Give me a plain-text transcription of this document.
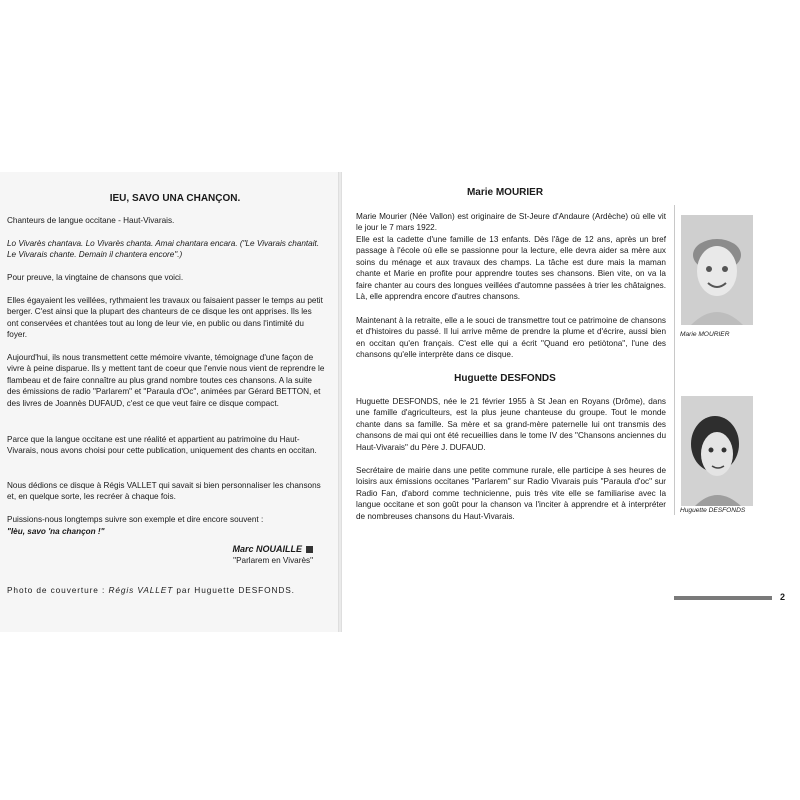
IEU, SAVO UNA CHANÇON.

Chanteurs de langue occitane - Haut-Vivarais.

Lo Vivarès chantava. Lo Vivarès chanta. Amai chantara encara. ("Le Vivarais chantait. Le Vivarais chante. Demain il chantera encore".)

Pour preuve, la vingtaine de chansons que voici.

Elles égayaient les veillées, rythmaient les travaux ou faisaient passer le temps au petit berger. C'est ainsi que la plupart des chanteurs de ce disque les ont apprises. Ils les ont conservées et chantées tout au long de leur vie, en public ou dans l'intimité du foyer.

Aujourd'hui, ils nous transmettent cette mémoire vivante, témoignage d'une façon de vivre à peine disparue. Ils y mettent tant de coeur que l'envie nous vient de reprendre le flambeau et de faire connaître au plus grand nombre toutes ces chansons. A la suite des émissions de radio "Parlarem" et "Paraula d'Oc", animées par Gérard BETTON, et des livres de Joannès DUFAUD, c'est ce que veut faire ce disque compact.

Parce que la langue occitane est une réalité et appartient au patrimoine du Haut-Vivarais, nous avons choisi pour cette publication, uniquement des chants en occitan.

Nous dédions ce disque à Régis VALLET qui savait si bien personnaliser les chansons et, en quelque sorte, les recréer à chaque fois.

Puissions-nous longtemps suivre son exemple et dire encore souvent :

"Ièu, savo 'na chançon !"

Marc NOUAILLE
"Parlarem en Vivarès"
Photo de couverture : Régis VALLET par Huguette DESFONDS.
Marie MOURIER

Marie Mourier (Née Vallon) est originaire de St-Jeure d'Andaure (Ardèche) où elle vit le jour le 7 mars 1922.

Elle est la cadette d'une famille de 13 enfants. Dès l'âge de 12 ans, après un bref passage à l'école où elle se passionne pour la lecture, elle devra aider sa mère aux soins du ménage et aux travaux des champs. La tâche est dure mais la maman chante et Marie en profite pour apprendre toutes ses chansons. Bien vite, on va la faire chanter au cours des longues veillées d'automne passées à trier les châtaignes. Là, elle apprendra encore d'autres chansons.

Maintenant à la retraite, elle a le souci de transmettre tout ce patrimoine de chansons et d'histoires du passé. Il lui arrive même de prendre la plume et d'écrire, aussi bien en occitan qu'en français. C'est elle qui a écrit "Quand ero petiòtona", l'une des chansons qu'elle interprète dans ce disque.

Huguette DESFONDS

Huguette DESFONDS, née le 21 février 1955 à St Jean en Royans (Drôme), dans une famille d'agriculteurs, est la plus jeune chanteuse du groupe. Tout le monde chante dans sa famille. Sa mère et sa grand-mère paternelle lui ont transmis des chansons de mai qui ont été recueillies dans le tome IV des "Chansons anciennes du Haut-Vivarais" du Père J. DUFAUD.

Secrétaire de mairie dans une petite commune rurale, elle participe à ses heures de loisirs aux émissions occitanes "Parlarem" sur Radio Vivarais puis "Paraula d'oc" sur Radio Fan, d'abord comme technicienne, puis très vite elle se familiarise avec la langue occitane et son goût pour la chanson va l'inciter à apprendre et à interpréter de nombreuses chansons du Haut-Vivarais.

Marie MOURIER
Huguette DESFONDS
2
